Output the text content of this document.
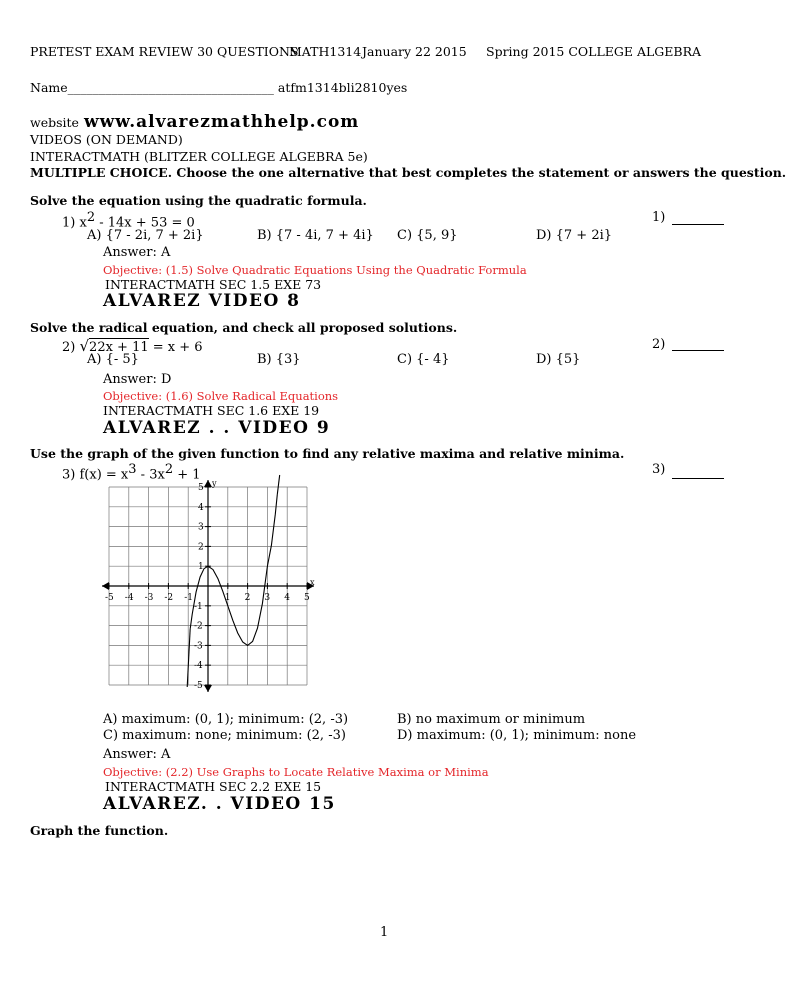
PRETEST EXAM REVIEW 30 QUESTIONS
MATH1314 January 22 2015 Spring 2015 COLLEGE ALGEBRA
Name_________________________________ atfm1314bli2810yes
website www.alvarezmathhelp.com
VIDEOS (ON DEMAND)
INTERACTMATH (BLITZER COLLEGE ALGEBRA 5e)
MULTIPLE CHOICE. Choose the one alternative that best completes the statement or answers the question.
Solve the equation using the quadratic formula.
1) $x^2 - 14x + 53 = 0$
A) {7 - 2i, 7 + 2i}	B) {7 - 4i, 7 + 4i} C) {5, 9}	D) {7 + 2i}
1)
Answer: A
Objective: (1.5) Solve Quadratic Equations Using the Quadratic Formula
INTERACTMATH SEC 1.5 EXE 73
ALVAREZ VIDEO 8
Solve the radical equation, and check all proposed solutions.
2) √22x + 11 = x + 6
A) {- 5}	B) {3}	C) {- 4}	D) {5}
2)
Answer: D
Objective: (1.6) Solve Radical Equations
INTERACTMATH SEC 1.6 EXE 19
ALVAREZ . . VIDEO 9
Use the graph of the given function to find any relative maxima and relative minima.
3) $f(x) = x^3 - 3x^2 + 1$	3)
-5 -4 -3 -2 -1	1 2 3 4 5
5
4
3
2
1
-1
-2
-3
-4
-5
x
y
A) maximum: (0, 1); minimum: (2, -3)	B) no maximum or minimum
C) maximum: none; minimum: (2, -3)	D) maximum: (0, 1); minimum: none
Answer: A
Objective: (2.2) Use Graphs to Locate Relative Maxima or Minima
INTERACTMATH SEC 2.2 EXE 15
ALVAREZ. . VIDEO 15
Graph the function.
1
